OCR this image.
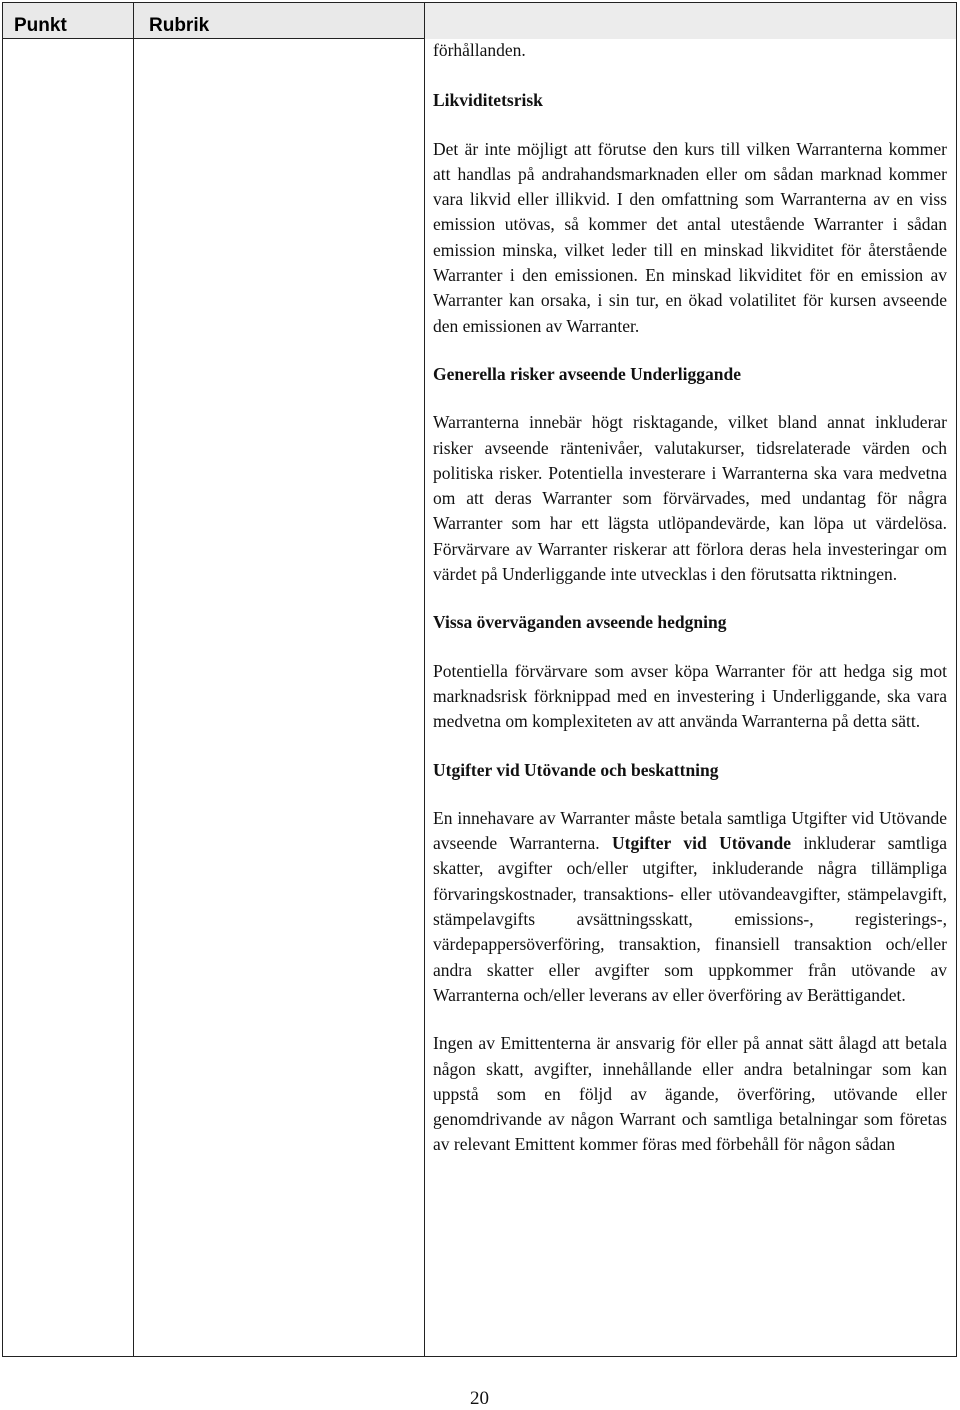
Punkt	Rubrik

förhållanden.

Likviditetsrisk

Det är inte möjligt att förutse den kurs till vilken Warranterna kommer att handlas på andrahandsmarknaden eller om sådan marknad kommer vara likvid eller illikvid. I den omfattning som Warranterna av en viss emission utövas, så kommer det antal utestående Warranter i sådan emission minska, vilket leder till en minskad likviditet för återstående Warranter i den emissionen. En minskad likviditet för en emission av Warranter kan orsaka, i sin tur, en ökad volatilitet för kursen avseende den emissionen av Warranter.

Generella risker avseende Underliggande

Warranterna innebär högt risktagande, vilket bland annat inkluderar risker avseende räntenivåer, valutakurser, tidsrelaterade värden och politiska risker. Potentiella investerare i Warranterna ska vara medvetna om att deras Warranter som förvärvades, med undantag för några Warranter som har ett lägsta utlöpandevärde, kan löpa ut värdelösa. Förvärvare av Warranter riskerar att förlora deras hela investeringar om värdet på Underliggande inte utvecklas i den förutsatta riktningen.

Vissa överväganden avseende hedgning

Potentiella förvärvare som avser köpa Warranter för att hedga sig mot marknadsrisk förknippad med en investering i Underliggande, ska vara medvetna om komplexiteten av att använda Warranterna på detta sätt.

Utgifter vid Utövande och beskattning

En innehavare av Warranter måste betala samtliga Utgifter vid Utövande avseende Warranterna. Utgifter vid Utövande inkluderar samtliga skatter, avgifter och/eller utgifter, inkluderande några tillämpliga förvaringskostnader, transaktions- eller utövandeavgifter, stämpelavgift, stämpelavgifts avsättningsskatt, emissions-, registerings-, värdepappersöverföring, transaktion, finansiell transaktion och/eller andra skatter eller avgifter som uppkommer från utövande av Warranterna och/eller leverans av eller överföring av Berättigandet.

Ingen av Emittenterna är ansvarig för eller på annat sätt ålagd att betala någon skatt, avgifter, innehållande eller andra betalningar som kan uppstå som en följd av ägande, överföring, utövande eller genomdrivande av någon Warrant och samtliga betalningar som företas av relevant Emittent kommer föras med förbehåll för någon sådan

20
